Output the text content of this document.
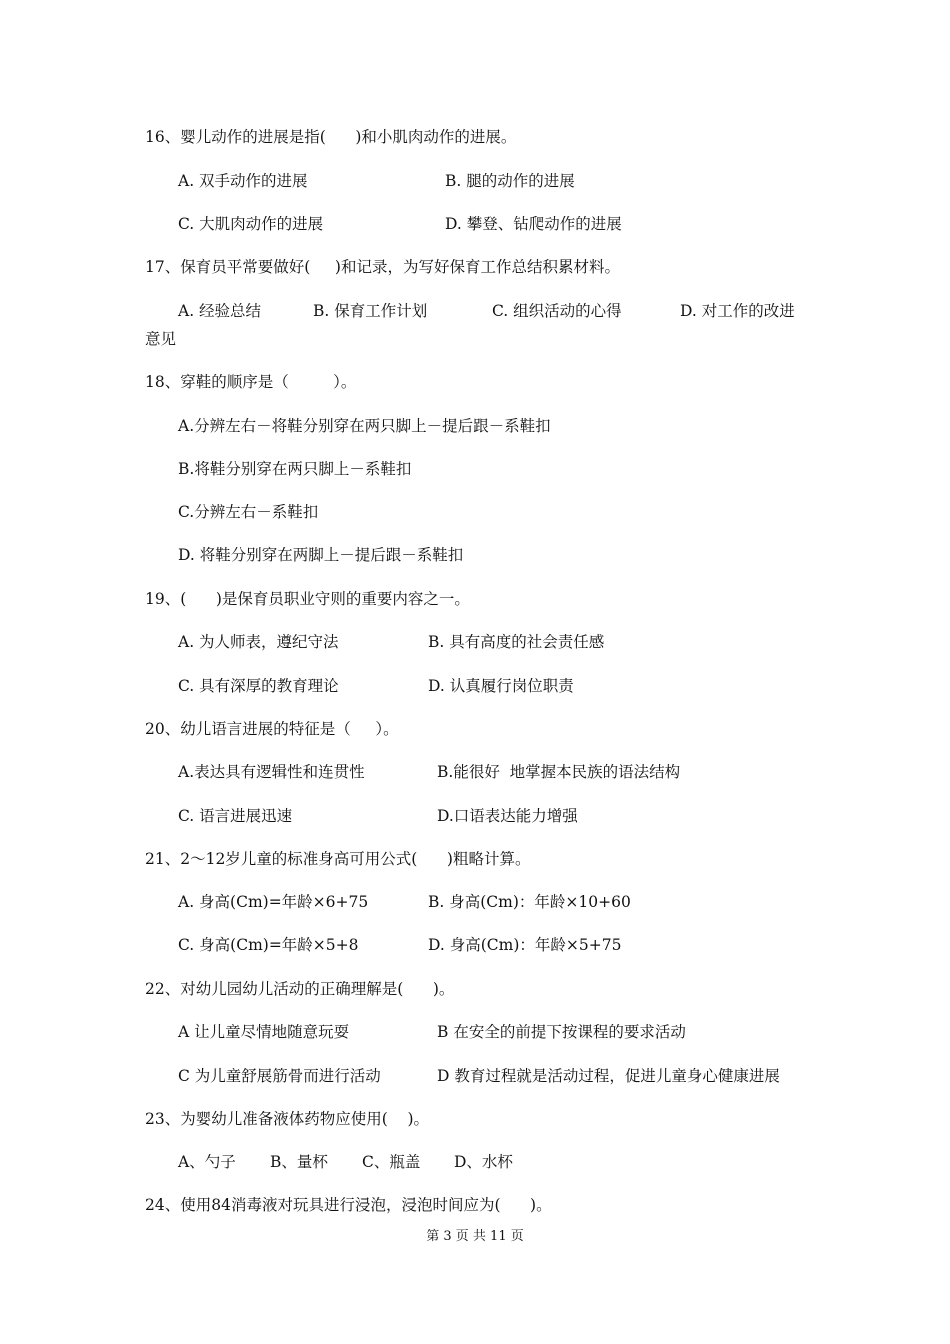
16、婴儿动作的进展是指(      )和小肌肉动作的进展。
A. 双手动作的进展	B. 腿的动作的进展
C. 大肌肉动作的进展	D. 攀登、钻爬动作的进展
17、保育员平常要做好(     )和记录，为写好保育工作总结积累材料。
A. 经验总结	B. 保育工作计划	C. 组织活动的心得	D. 对工作的改进
意见
18、穿鞋的顺序是（         ）。
A.分辨左右－将鞋分别穿在两只脚上－提后跟－系鞋扣
B.将鞋分别穿在两只脚上－系鞋扣
C.分辨左右－系鞋扣
D. 将鞋分别穿在两脚上－提后跟－系鞋扣
19、(      )是保育员职业守则的重要内容之一。
A. 为人师表，遵纪守法	B. 具有高度的社会责任感
C. 具有深厚的教育理论	D. 认真履行岗位职责
20、幼儿语言进展的特征是（     ）。
A.表达具有逻辑性和连贯性	B.能很好  地掌握本民族的语法结构
C. 语言进展迅速	D.口语表达能力增强
21、2～12岁儿童的标准身高可用公式(      )粗略计算。
A. 身高(Cm)=年龄×6+75	B. 身高(Cm)：年龄×10+60
C. 身高(Cm)=年龄×5+8	D. 身高(Cm)：年龄×5+75
22、对幼儿园幼儿活动的正确理解是(      )。
A 让儿童尽情地随意玩耍	B 在安全的前提下按课程的要求活动
C 为儿童舒展筋骨而进行活动	D 教育过程就是活动过程，促进儿童身心健康进展
23、为婴幼儿准备液体药物应使用(    )。
A、勺子 B、量杯 C、瓶盖 D、水杯
24、使用84消毒液对玩具进行浸泡，浸泡时间应为(      )。
第 3 页 共 11 页
